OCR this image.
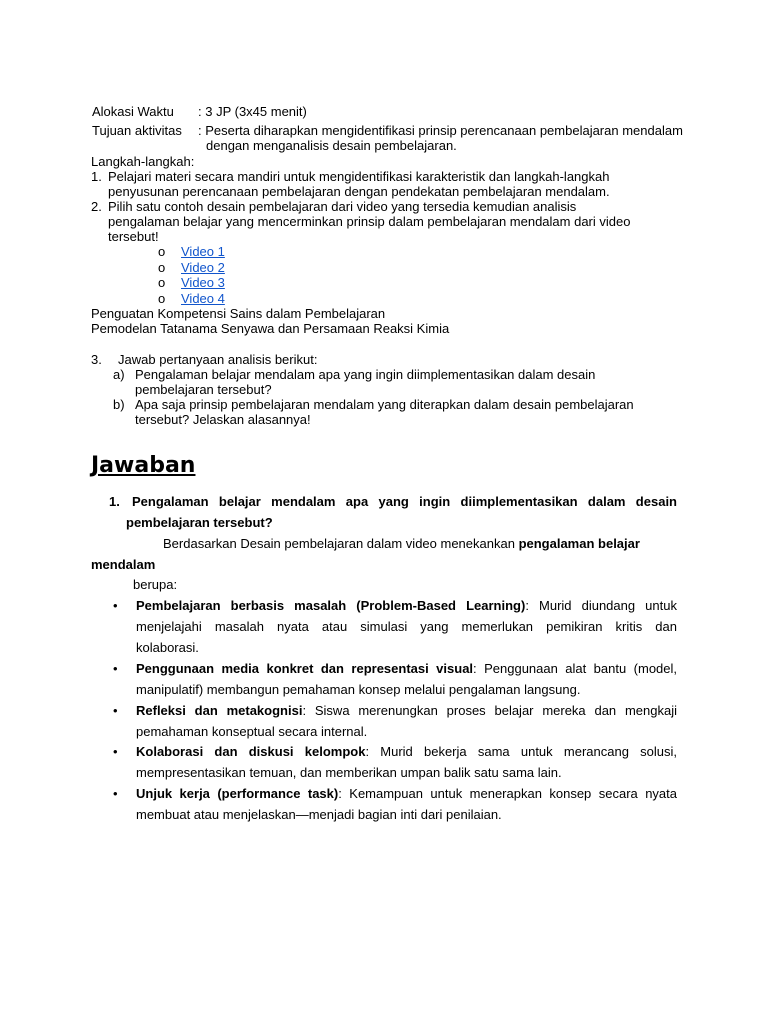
Alokasi Waktu : 3 JP (3x45 menit)
Tujuan aktivitas : Peserta diharapkan mengidentifikasi prinsip perencanaan pembelajaran mendalam
dengan menganalisis desain pembelajaran.
Langkah-langkah:
1. Pelajari materi secara mandiri untuk mengidentifikasi karakteristik dan langkah-langkah
penyusunan perencanaan pembelajaran dengan pendekatan pembelajaran mendalam.
2. Pilih satu contoh desain pembelajaran dari video yang tersedia kemudian analisis
pengalaman belajar yang mencerminkan prinsip dalam pembelajaran mendalam dari video
tersebut!
o Video 1
o Video 2
o Video 3
o Video 4
Penguatan Kompetensi Sains dalam Pembelajaran
Pemodelan Tatanama Senyawa dan Persamaan Reaksi Kimia
3. Jawab pertanyaan analisis berikut:
a) Pengalaman belajar mendalam apa yang ingin diimplementasikan dalam desain
pembelajaran tersebut?
b) Apa saja prinsip pembelajaran mendalam yang diterapkan dalam desain pembelajaran
tersebut? Jelaskan alasannya!
Jawaban
1. Pengalaman belajar mendalam apa yang ingin diimplementasikan dalam desain
pembelajaran tersebut?
Berdasarkan Desain pembelajaran dalam video menekankan pengalaman belajar
mendalam
berupa:
• Pembelajaran berbasis masalah (Problem-Based Learning): Murid diundang untuk
menjelajahi masalah nyata atau simulasi yang memerlukan pemikiran kritis dan
kolaborasi.
• Penggunaan media konkret dan representasi visual: Penggunaan alat bantu (model,
manipulatif) membangun pemahaman konsep melalui pengalaman langsung.
• Refleksi dan metakognisi: Siswa merenungkan proses belajar mereka dan mengkaji
pemahaman konseptual secara internal.
• Kolaborasi dan diskusi kelompok: Murid bekerja sama untuk merancang solusi,
mempresentasikan temuan, dan memberikan umpan balik satu sama lain.
• Unjuk kerja (performance task): Kemampuan untuk menerapkan konsep secara nyata
membuat atau menjelaskan—menjadi bagian inti dari penilaian.
